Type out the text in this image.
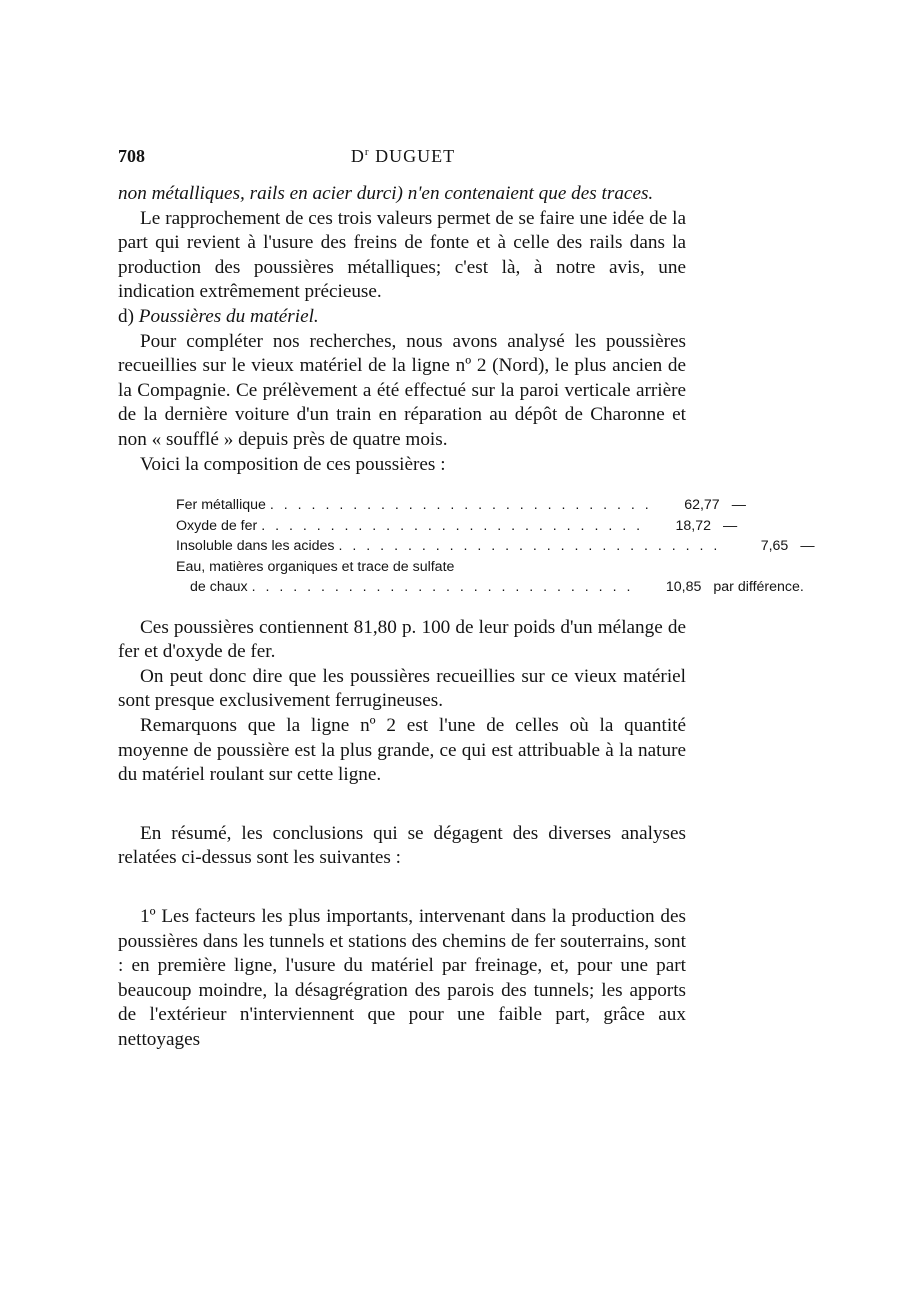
708	$D^r$ DUGUET

non métalliques, rails en acier durci) n'en contenaient que des traces.

Le rapprochement de ces trois valeurs permet de se faire une idée de la part qui revient à l'usure des freins de fonte et à celle des rails dans la production des poussières métalliques; c'est là, à notre avis, une indication extrêmement précieuse.

d) Poussières du matériel.

Pour compléter nos recherches, nous avons analysé les poussières recueillies sur le vieux matériel de la ligne nº 2 (Nord), le plus ancien de la Compagnie. Ce prélèvement a été effectué sur la paroi verticale arrière de la dernière voiture d'un train en réparation au dépôt de Charonne et non « soufflé » depuis près de quatre mois.

Voici la composition de ces poussières :

Fer métallique . . . . . . . . . . . . . . . . . . . . . . . . . . . .	62,77 —
Oxyde de fer . . . . . . . . . . . . . . . . . . . . . . . . . . . .	18,72 —
Insoluble dans les acides . . . . . . . . . . . . . . . . . . . . . . . . . . . .	7,65 —
Eau, matières organiques et trace de sulfate
de chaux . . . . . . . . . . . . . . . . . . . . . . . . . . . .	10,85 par différence.

Ces poussières contiennent 81,80 p. 100 de leur poids d'un mélange de fer et d'oxyde de fer.

On peut donc dire que les poussières recueillies sur ce vieux matériel sont presque exclusivement ferrugineuses.

Remarquons que la ligne nº 2 est l'une de celles où la quantité moyenne de poussière est la plus grande, ce qui est attribuable à la nature du matériel roulant sur cette ligne.

En résumé, les conclusions qui se dégagent des diverses analyses relatées ci-dessus sont les suivantes :

1º Les facteurs les plus importants, intervenant dans la production des poussières dans les tunnels et stations des chemins de fer souterrains, sont : en première ligne, l'usure du matériel par freinage, et, pour une part beaucoup moindre, la désagrégration des parois des tunnels; les apports de l'extérieur n'interviennent que pour une faible part, grâce aux nettoyages
